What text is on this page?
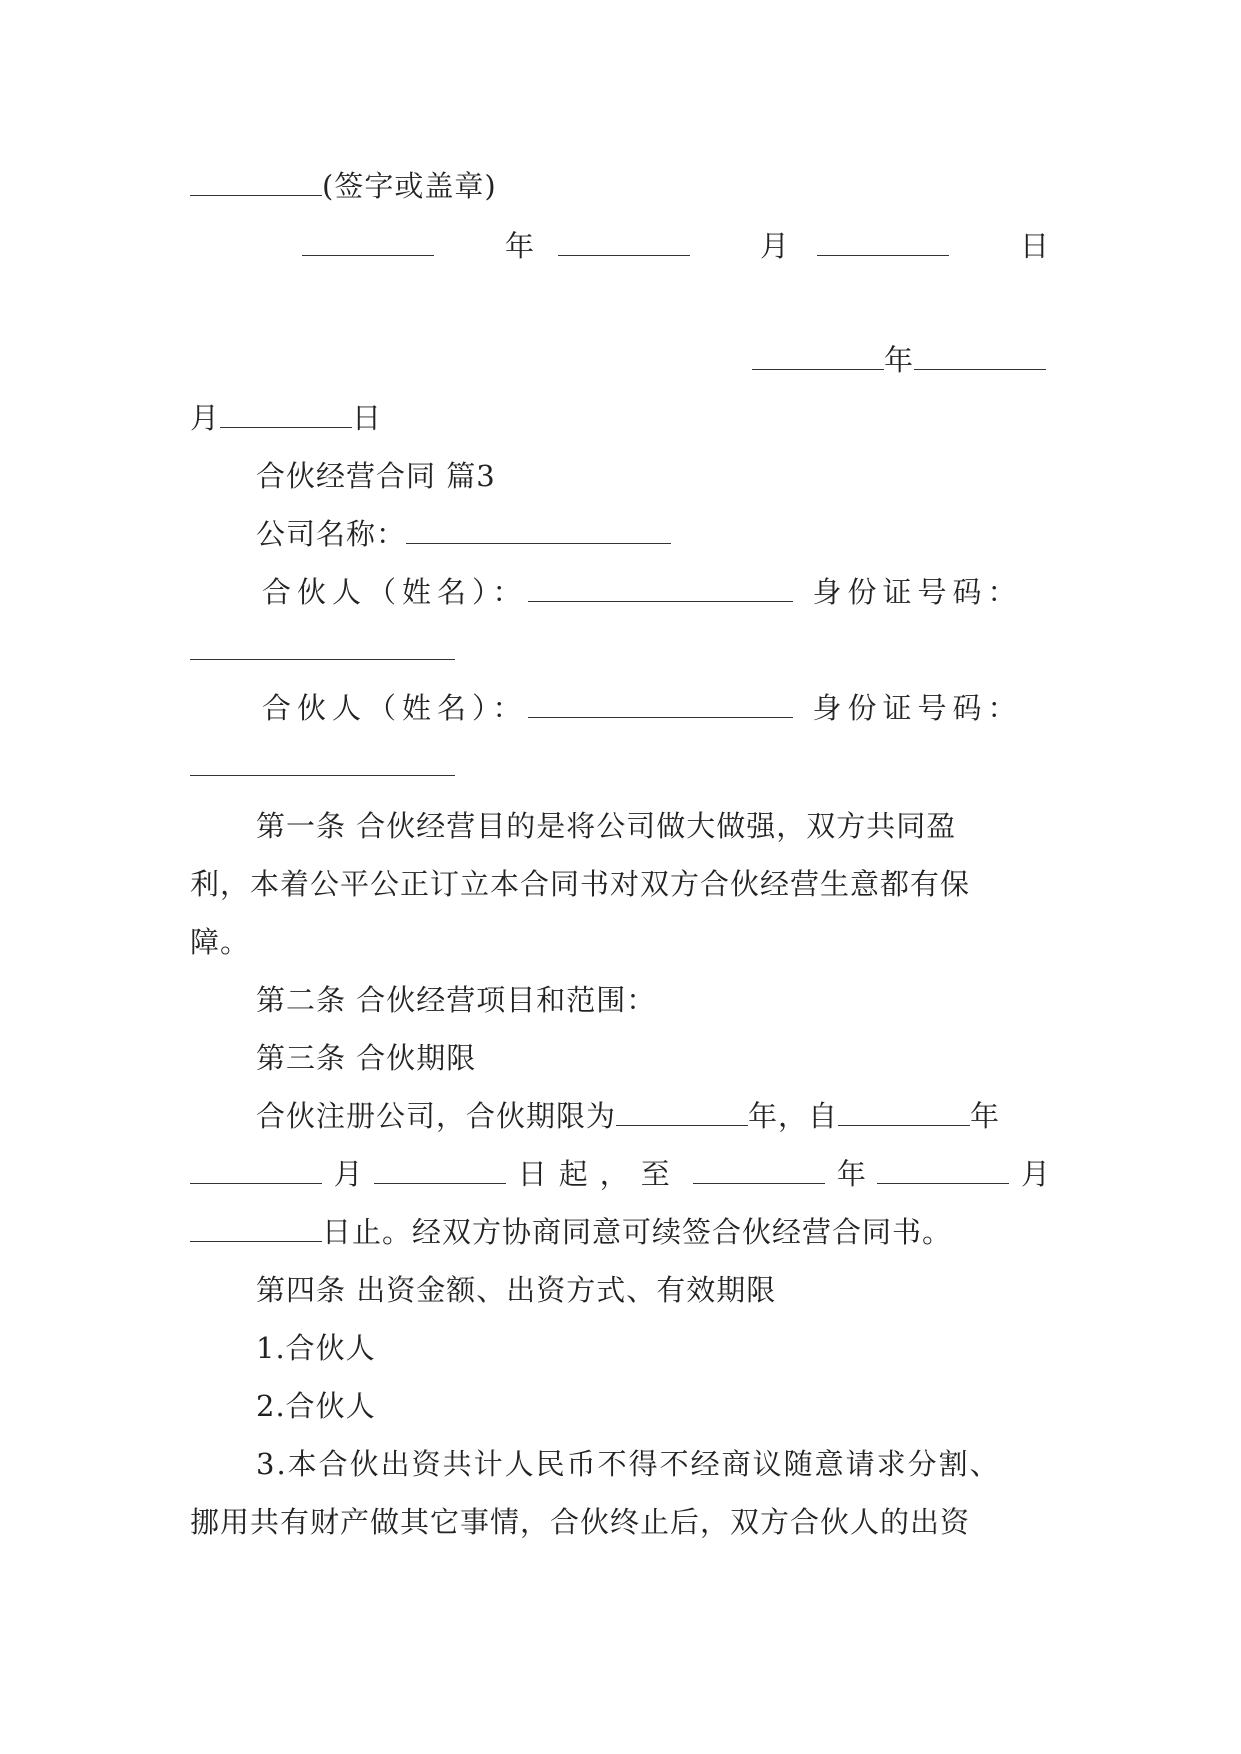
(签字或盖章)
年	月	日
年
月	日
合伙经营合同 篇3
公司名称：
合伙人（姓名）：	身份证号码：
合伙人（姓名）：	身份证号码：
第一条 合伙经营目的是将公司做大做强，双方共同盈
利，本着公平公正订立本合同书对双方合伙经营生意都有保
障。
第二条 合伙经营项目和范围：
第三条 合伙期限
合伙注册公司，合伙期限为	年，自	年
月	日起，至	年	月
日止。经双方协商同意可续签合伙经营合同书。
第四条 出资金额、出资方式、有效期限
1.合伙人
2.合伙人
3.本合伙出资共计人民币不得不经商议随意请求分割、
挪用共有财产做其它事情，合伙终止后，双方合伙人的出资
